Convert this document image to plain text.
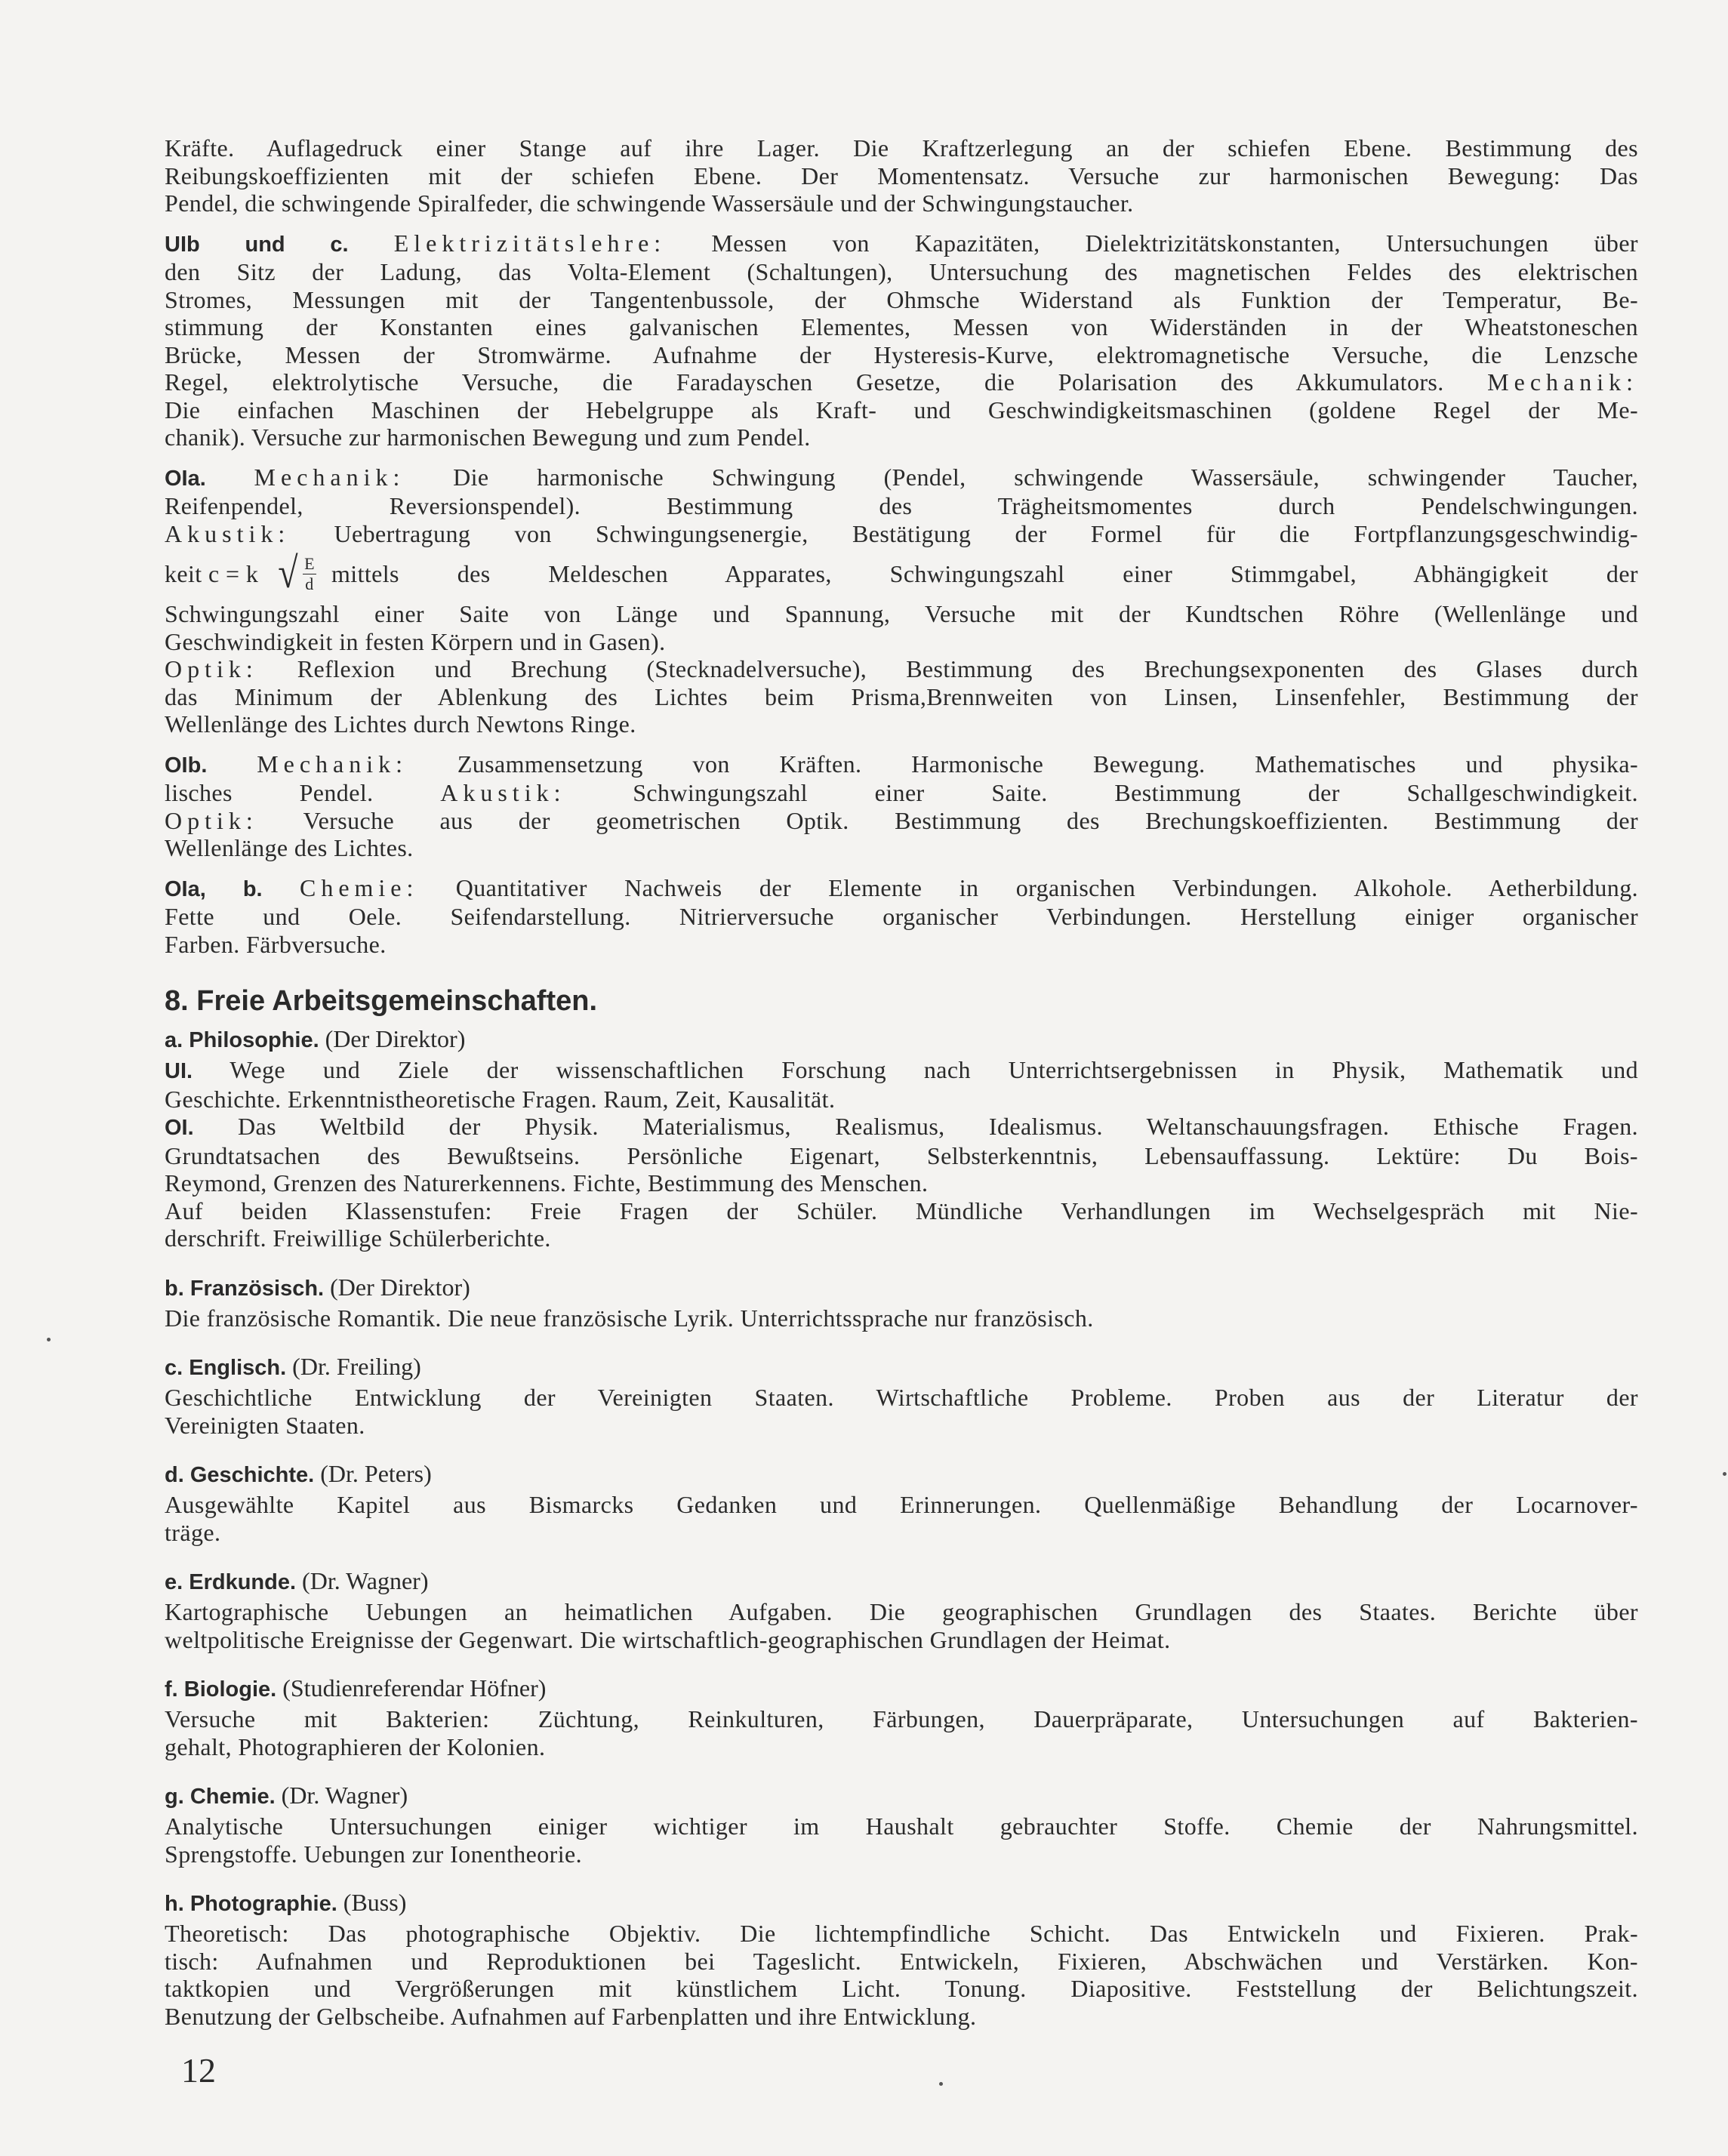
Kräfte. Auflagedruck einer Stange auf ihre Lager. Die Kraftzerlegung an der schiefen Ebene. Bestimmung des
Reibungskoeffizienten mit der schiefen Ebene. Der Momentensatz. Versuche zur harmonischen Bewegung: Das
Pendel, die schwingende Spiralfeder, die schwingende Wassersäule und der Schwingungstaucher.
UIb und c. Elektrizitätslehre: Messen von Kapazitäten, Dielektrizitätskonstanten, Untersuchungen über
den Sitz der Ladung, das Volta-Element (Schaltungen), Untersuchung des magnetischen Feldes des elektrischen
Stromes, Messungen mit der Tangentenbussole, der Ohmsche Widerstand als Funktion der Temperatur, Be-
stimmung der Konstanten eines galvanischen Elementes, Messen von Widerständen in der Wheatstoneschen
Brücke, Messen der Stromwärme. Aufnahme der Hysteresis-Kurve, elektromagnetische Versuche, die Lenzsche
Regel, elektrolytische Versuche, die Faradayschen Gesetze, die Polarisation des Akkumulators. Mechanik:
Die einfachen Maschinen der Hebelgruppe als Kraft- und Geschwindigkeitsmaschinen (goldene Regel der Me-
chanik). Versuche zur harmonischen Bewegung und zum Pendel.
OIa. Mechanik: Die harmonische Schwingung (Pendel, schwingende Wassersäule, schwingender Taucher,
Reifenpendel, Reversionspendel). Bestimmung des Trägheitsmomentes durch Pendelschwingungen.
Akustik: Uebertragung von Schwingungsenergie, Bestätigung der Formel für die Fortpflanzungsgeschwindig-
keit c = k √ $\frac{E}{d}$ mittels des Meldeschen Apparates, Schwingungszahl einer Stimmgabel, Abhängigkeit der
Schwingungszahl einer Saite von Länge und Spannung, Versuche mit der Kundtschen Röhre (Wellenlänge und
Geschwindigkeit in festen Körpern und in Gasen).
Optik: Reflexion und Brechung (Stecknadelversuche), Bestimmung des Brechungsexponenten des Glases durch
das Minimum der Ablenkung des Lichtes beim Prisma,Brennweiten von Linsen, Linsenfehler, Bestimmung der
Wellenlänge des Lichtes durch Newtons Ringe.
OIb. Mechanik: Zusammensetzung von Kräften. Harmonische Bewegung. Mathematisches und physika-
lisches Pendel.	Akustik:	Schwingungszahl einer Saite. Bestimmung der Schallgeschwindigkeit.
Optik: Versuche aus der geometrischen Optik. Bestimmung des Brechungskoeffizienten. Bestimmung der
Wellenlänge des Lichtes.
OIa, b. Chemie: Quantitativer Nachweis der Elemente in organischen Verbindungen. Alkohole. Aetherbildung.
Fette und Oele. Seifendarstellung. Nitrierversuche organischer Verbindungen. Herstellung einiger organischer
Farben. Färbversuche.
8. Freie Arbeitsgemeinschaften.
a. Philosophie. (Der Direktor)
UI. Wege und Ziele der wissenschaftlichen Forschung nach Unterrichtsergebnissen in Physik, Mathematik und
Geschichte. Erkenntnistheoretische Fragen. Raum, Zeit, Kausalität.
OI. Das Weltbild der Physik. Materialismus, Realismus, Idealismus. Weltanschauungsfragen. Ethische Fragen.
Grundtatsachen des Bewußtseins. Persönliche Eigenart, Selbsterkenntnis, Lebensauffassung. Lektüre: Du Bois-
Reymond, Grenzen des Naturerkennens. Fichte, Bestimmung des Menschen.
Auf beiden Klassenstufen: Freie Fragen der Schüler. Mündliche Verhandlungen im Wechselgespräch mit Nie-
derschrift. Freiwillige Schülerberichte.
b. Französisch. (Der Direktor)
Die französische Romantik. Die neue französische Lyrik. Unterrichtssprache nur französisch.
c. Englisch. (Dr. Freiling)
Geschichtliche Entwicklung der Vereinigten Staaten. Wirtschaftliche Probleme. Proben aus der Literatur der
Vereinigten Staaten.
d. Geschichte. (Dr. Peters)
Ausgewählte Kapitel aus Bismarcks Gedanken und Erinnerungen. Quellenmäßige Behandlung der Locarnover-
träge.
e. Erdkunde. (Dr. Wagner)
Kartographische Uebungen an heimatlichen Aufgaben. Die geographischen Grundlagen des Staates. Berichte über
weltpolitische Ereignisse der Gegenwart. Die wirtschaftlich-geographischen Grundlagen der Heimat.
f. Biologie. (Studienreferendar Höfner)
Versuche mit Bakterien: Züchtung, Reinkulturen, Färbungen, Dauerpräparate, Untersuchungen auf Bakterien-
gehalt, Photographieren der Kolonien.
g. Chemie. (Dr. Wagner)
Analytische Untersuchungen einiger wichtiger im Haushalt gebrauchter Stoffe. Chemie der Nahrungsmittel.
Sprengstoffe. Uebungen zur Ionentheorie.
h. Photographie. (Buss)
Theoretisch: Das photographische Objektiv. Die lichtempfindliche Schicht. Das Entwickeln und Fixieren. Prak-
tisch: Aufnahmen und Reproduktionen bei Tageslicht. Entwickeln, Fixieren, Abschwächen und Verstärken. Kon-
taktkopien und Vergrößerungen mit künstlichem Licht. Tonung. Diapositive. Feststellung der Belichtungszeit.
Benutzung der Gelbscheibe. Aufnahmen auf Farbenplatten und ihre Entwicklung.
12
